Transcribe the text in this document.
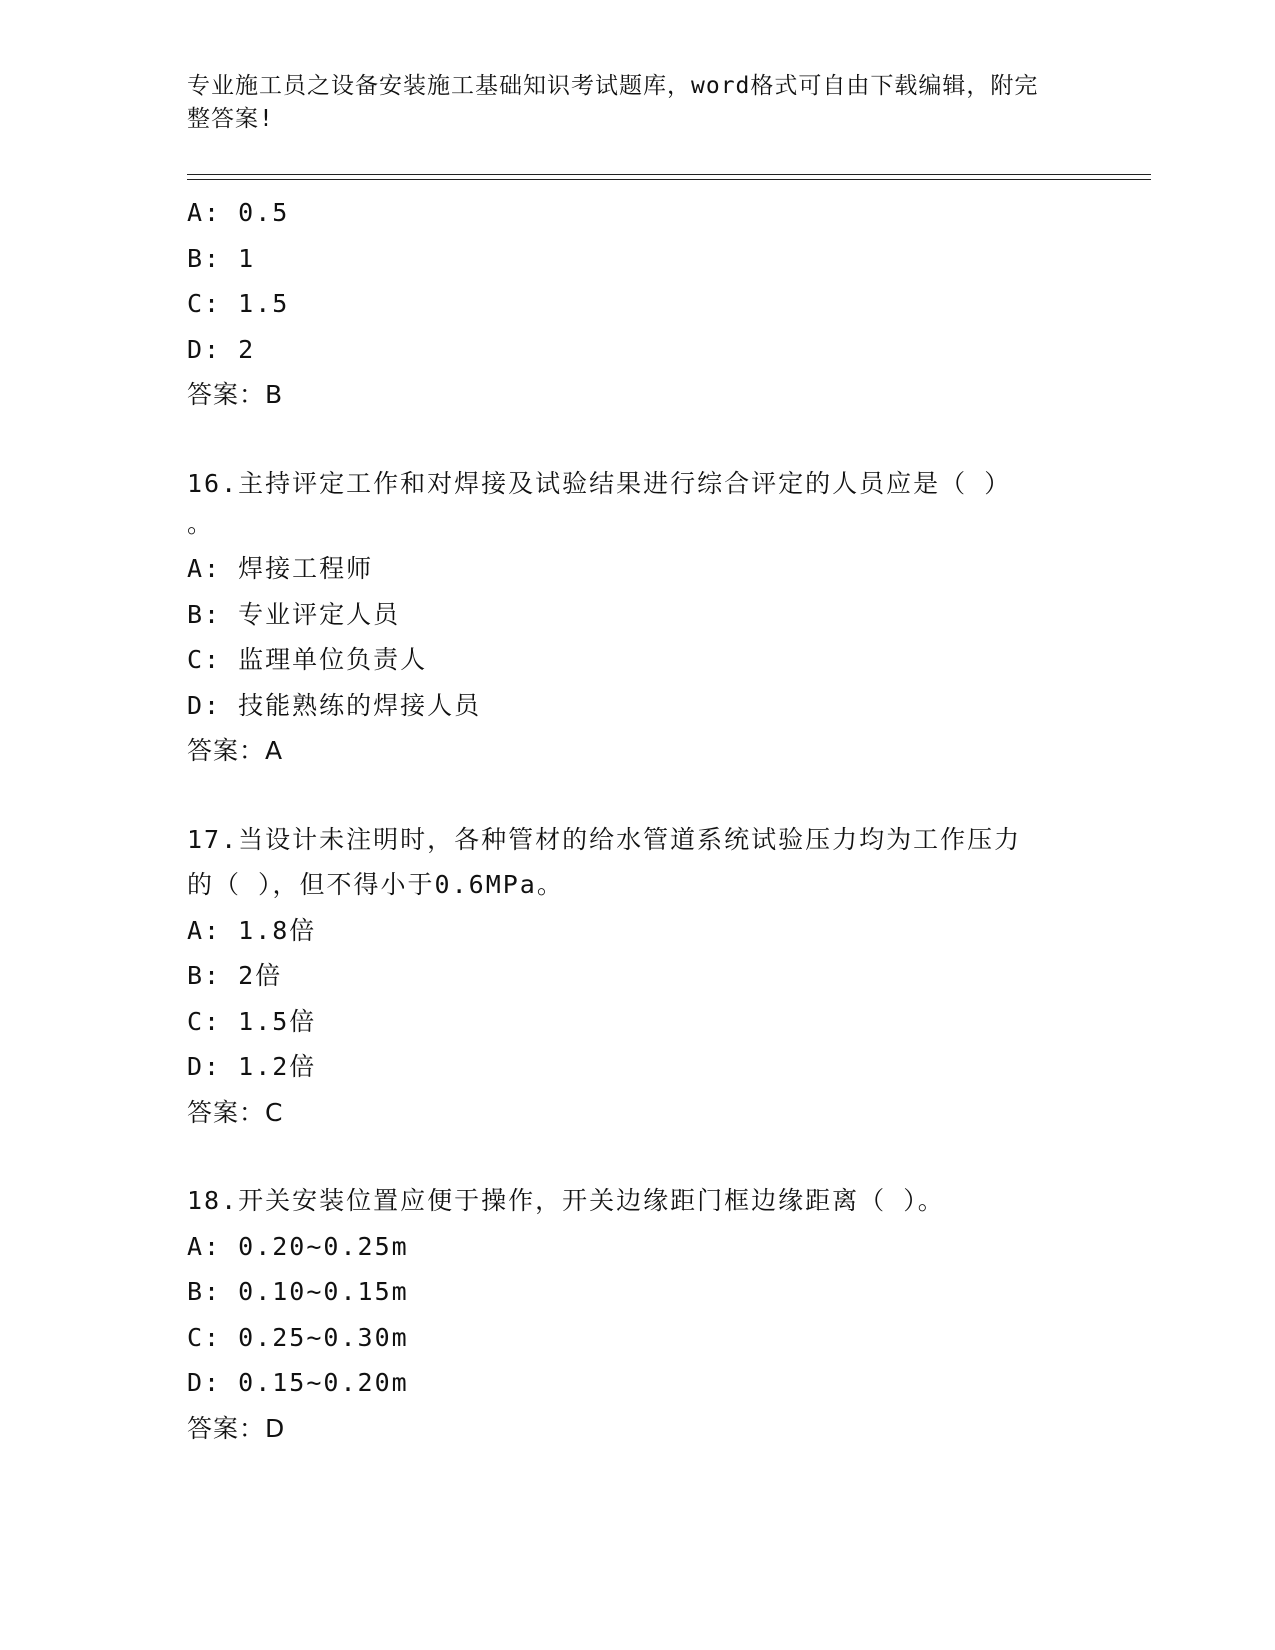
专业施工员之设备安装施工基础知识考试题库，word格式可自由下载编辑，附完
整答案!
A: 0.5
B: 1
C: 1.5
D: 2
答案：B
16.主持评定工作和对焊接及试验结果进行综合评定的人员应是（ ）
。
A: 焊接工程师
B: 专业评定人员
C: 监理单位负责人
D: 技能熟练的焊接人员
答案：A
17.当设计未注明时，各种管材的给水管道系统试验压力均为工作压力
的（ ），但不得小于0.6MPa。
A: 1.8倍
B: 2倍
C: 1.5倍
D: 1.2倍
答案：C
18.开关安装位置应便于操作，开关边缘距门框边缘距离（ ）。
A: 0.20~0.25m
B: 0.10~0.15m
C: 0.25~0.30m
D: 0.15~0.20m
答案：D
